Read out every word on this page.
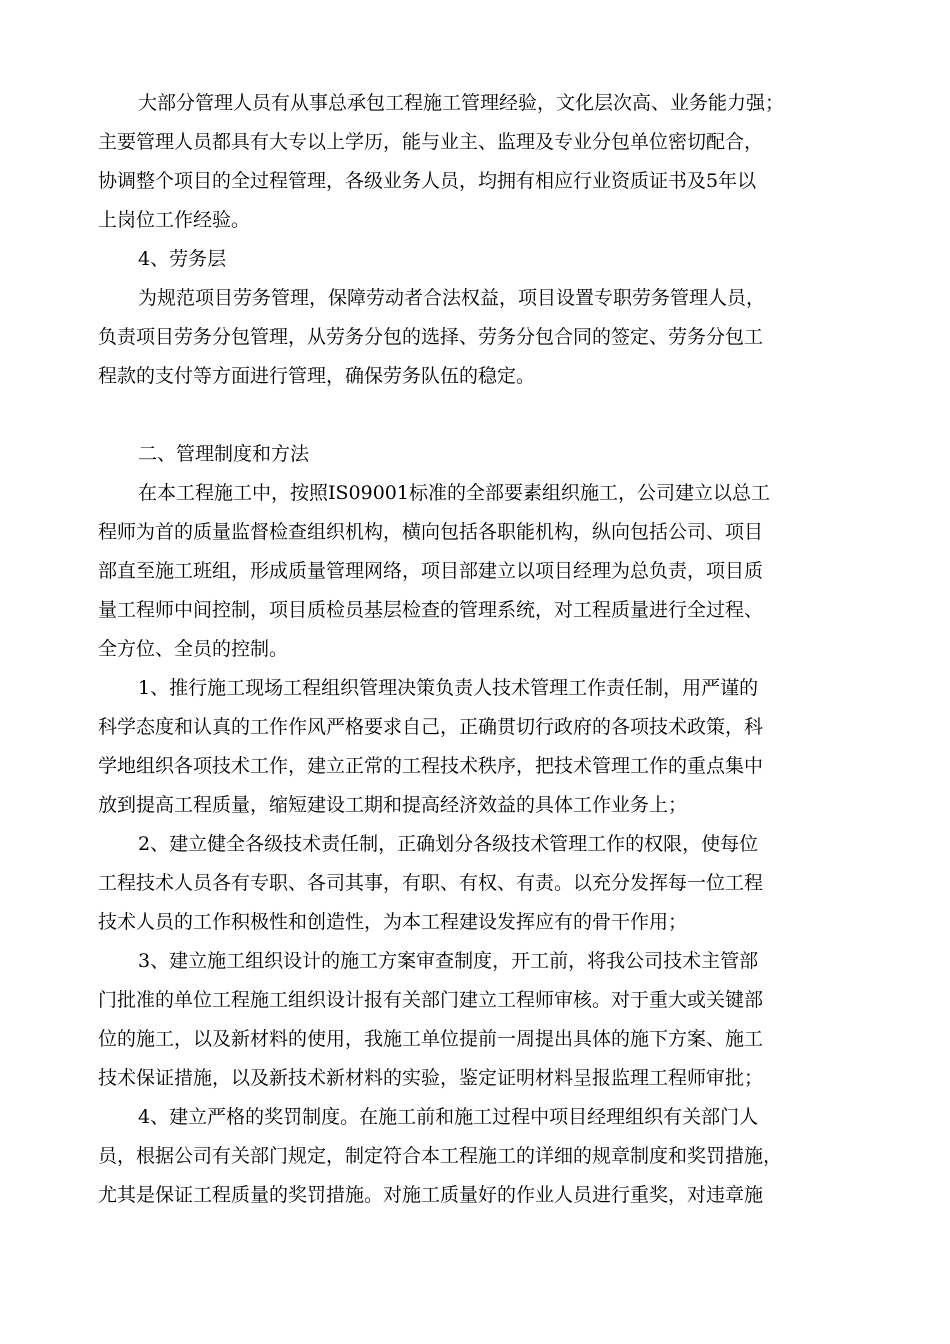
大部分管理人员有从事总承包工程施工管理经验，文化层次高、业务能力强；

主要管理人员都具有大专以上学历，能与业主、监理及专业分包单位密切配合，

协调整个项目的全过程管理，各级业务人员，均拥有相应行业资质证书及5年以

上岗位工作经验。

4、劳务层

为规范项目劳务管理，保障劳动者合法权益，项目设置专职劳务管理人员，

负责项目劳务分包管理，从劳务分包的选择、劳务分包合同的签定、劳务分包工

程款的支付等方面进行管理，确保劳务队伍的稳定。

二、管理制度和方法

在本工程施工中，按照IS09001标准的全部要素组织施工，公司建立以总工

程师为首的质量监督检查组织机构，横向包括各职能机构，纵向包括公司、项目

部直至施工班组，形成质量管理网络，项目部建立以项目经理为总负责，项目质

量工程师中间控制，项目质检员基层检查的管理系统，对工程质量进行全过程、

全方位、全员的控制。

1、推行施工现场工程组织管理决策负责人技术管理工作责任制，用严谨的

科学态度和认真的工作作风严格要求自己，正确贯切行政府的各项技术政策，科

学地组织各项技术工作，建立正常的工程技术秩序，把技术管理工作的重点集中

放到提高工程质量，缩短建设工期和提高经济效益的具体工作业务上；

2、建立健全各级技术责任制，正确划分各级技术管理工作的权限，使每位

工程技术人员各有专职、各司其事，有职、有权、有责。以充分发挥每一位工程

技术人员的工作积极性和创造性，为本工程建设发挥应有的骨干作用；

3、建立施工组织设计的施工方案审查制度，开工前，将我公司技术主管部

门批准的单位工程施工组织设计报有关部门建立工程师审核。对于重大或关键部

位的施工，以及新材料的使用，我施工单位提前一周提出具体的施下方案、施工

技术保证措施，以及新技术新材料的实验，鉴定证明材料呈报监理工程师审批；

4、建立严格的奖罚制度。在施工前和施工过程中项目经理组织有关部门人

员，根据公司有关部门规定，制定符合本工程施工的详细的规章制度和奖罚措施，

尤其是保证工程质量的奖罚措施。对施工质量好的作业人员进行重奖，对违章施
